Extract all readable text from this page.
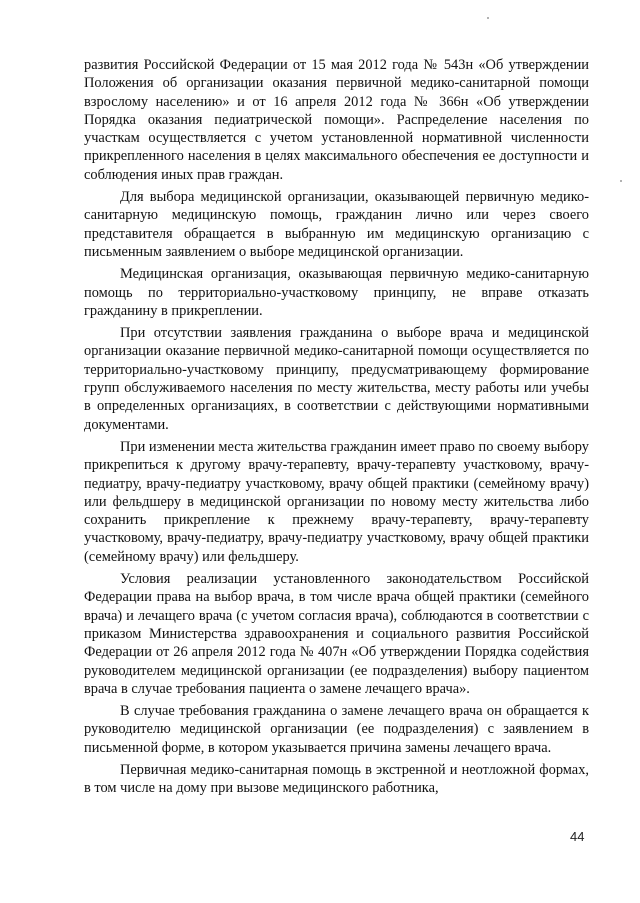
развития Российской Федерации от 15 мая 2012 года № 543н «Об утверждении Положения об организации оказания первичной медико-санитарной помощи взрослому населению» и от 16 апреля 2012 года № 366н «Об утверждении Порядка оказания педиатрической помощи». Распределение населения по участкам осуществляется с учетом установленной нормативной численности прикрепленного населения в целях максимального обеспечения ее доступности и соблюдения иных прав граждан.

Для выбора медицинской организации, оказывающей первичную медико-санитарную медицинскую помощь, гражданин лично или через своего представителя обращается в выбранную им медицинскую организацию с письменным заявлением о выборе медицинской организации.

Медицинская организация, оказывающая первичную медико-санитарную помощь по территориально-участковому принципу, не вправе отказать гражданину в прикреплении.

При отсутствии заявления гражданина о выборе врача и медицинской организации оказание первичной медико-санитарной помощи осуществляется по территориально-участковому принципу, предусматривающему формирование групп обслуживаемого населения по месту жительства, месту работы или учебы в определенных организациях, в соответствии с действующими нормативными документами.

При изменении места жительства гражданин имеет право по своему выбору прикрепиться к другому врачу-терапевту, врачу-терапевту участковому, врачу-педиатру, врачу-педиатру участковому, врачу общей практики (семейному врачу) или фельдшеру в медицинской организации по новому месту жительства либо сохранить прикрепление к прежнему врачу-терапевту, врачу-терапевту участковому, врачу-педиатру, врачу-педиатру участковому, врачу общей практики (семейному врачу) или фельдшеру.

Условия реализации установленного законодательством Российской Федерации права на выбор врача, в том числе врача общей практики (семейного врача) и лечащего врача (с учетом согласия врача), соблюдаются в соответствии с приказом Министерства здравоохранения и социального развития Российской Федерации от 26 апреля 2012 года № 407н «Об утверждении Порядка содействия руководителем медицинской организации (ее подразделения) выбору пациентом врача в случае требования пациента о замене лечащего врача».

В случае требования гражданина о замене лечащего врача он обращается к руководителю медицинской организации (ее подразделения) с заявлением в письменной форме, в котором указывается причина замены лечащего врача.

Первичная медико-санитарная помощь в экстренной и неотложной формах, в том числе на дому при вызове медицинского работника,

44
